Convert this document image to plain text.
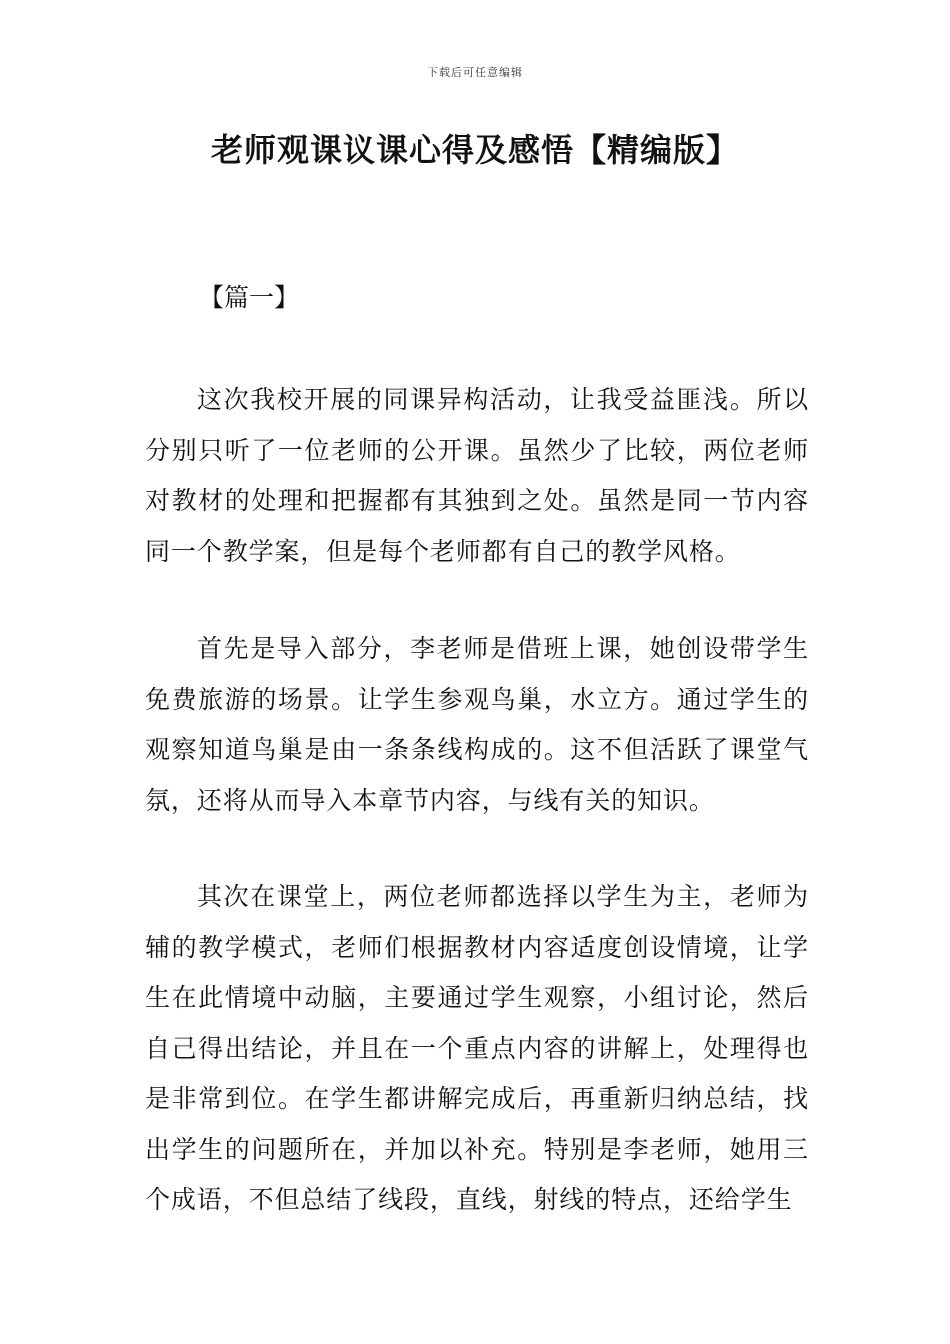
下载后可任意编辑
老师观课议课心得及感悟【精编版】
【篇一】

这次我校开展的同课异构活动，让我受益匪浅。所以分别只听了一位老师的公开课。虽然少了比较，两位老师对教材的处理和把握都有其独到之处。虽然是同一节内容同一个教学案，但是每个老师都有自己的教学风格。

首先是导入部分，李老师是借班上课，她创设带学生免费旅游的场景。让学生参观鸟巢，水立方。通过学生的观察知道鸟巢是由一条条线构成的。这不但活跃了课堂气氛，还将从而导入本章节内容，与线有关的知识。

其次在课堂上，两位老师都选择以学生为主，老师为辅的教学模式，老师们根据教材内容适度创设情境，让学生在此情境中动脑，主要通过学生观察，小组讨论，然后自己得出结论，并且在一个重点内容的讲解上，处理得也是非常到位。在学生都讲解完成后，再重新归纳总结，找出学生的问题所在，并加以补充。特别是李老师，她用三个成语，不但总结了线段，直线，射线的特点，还给学生
